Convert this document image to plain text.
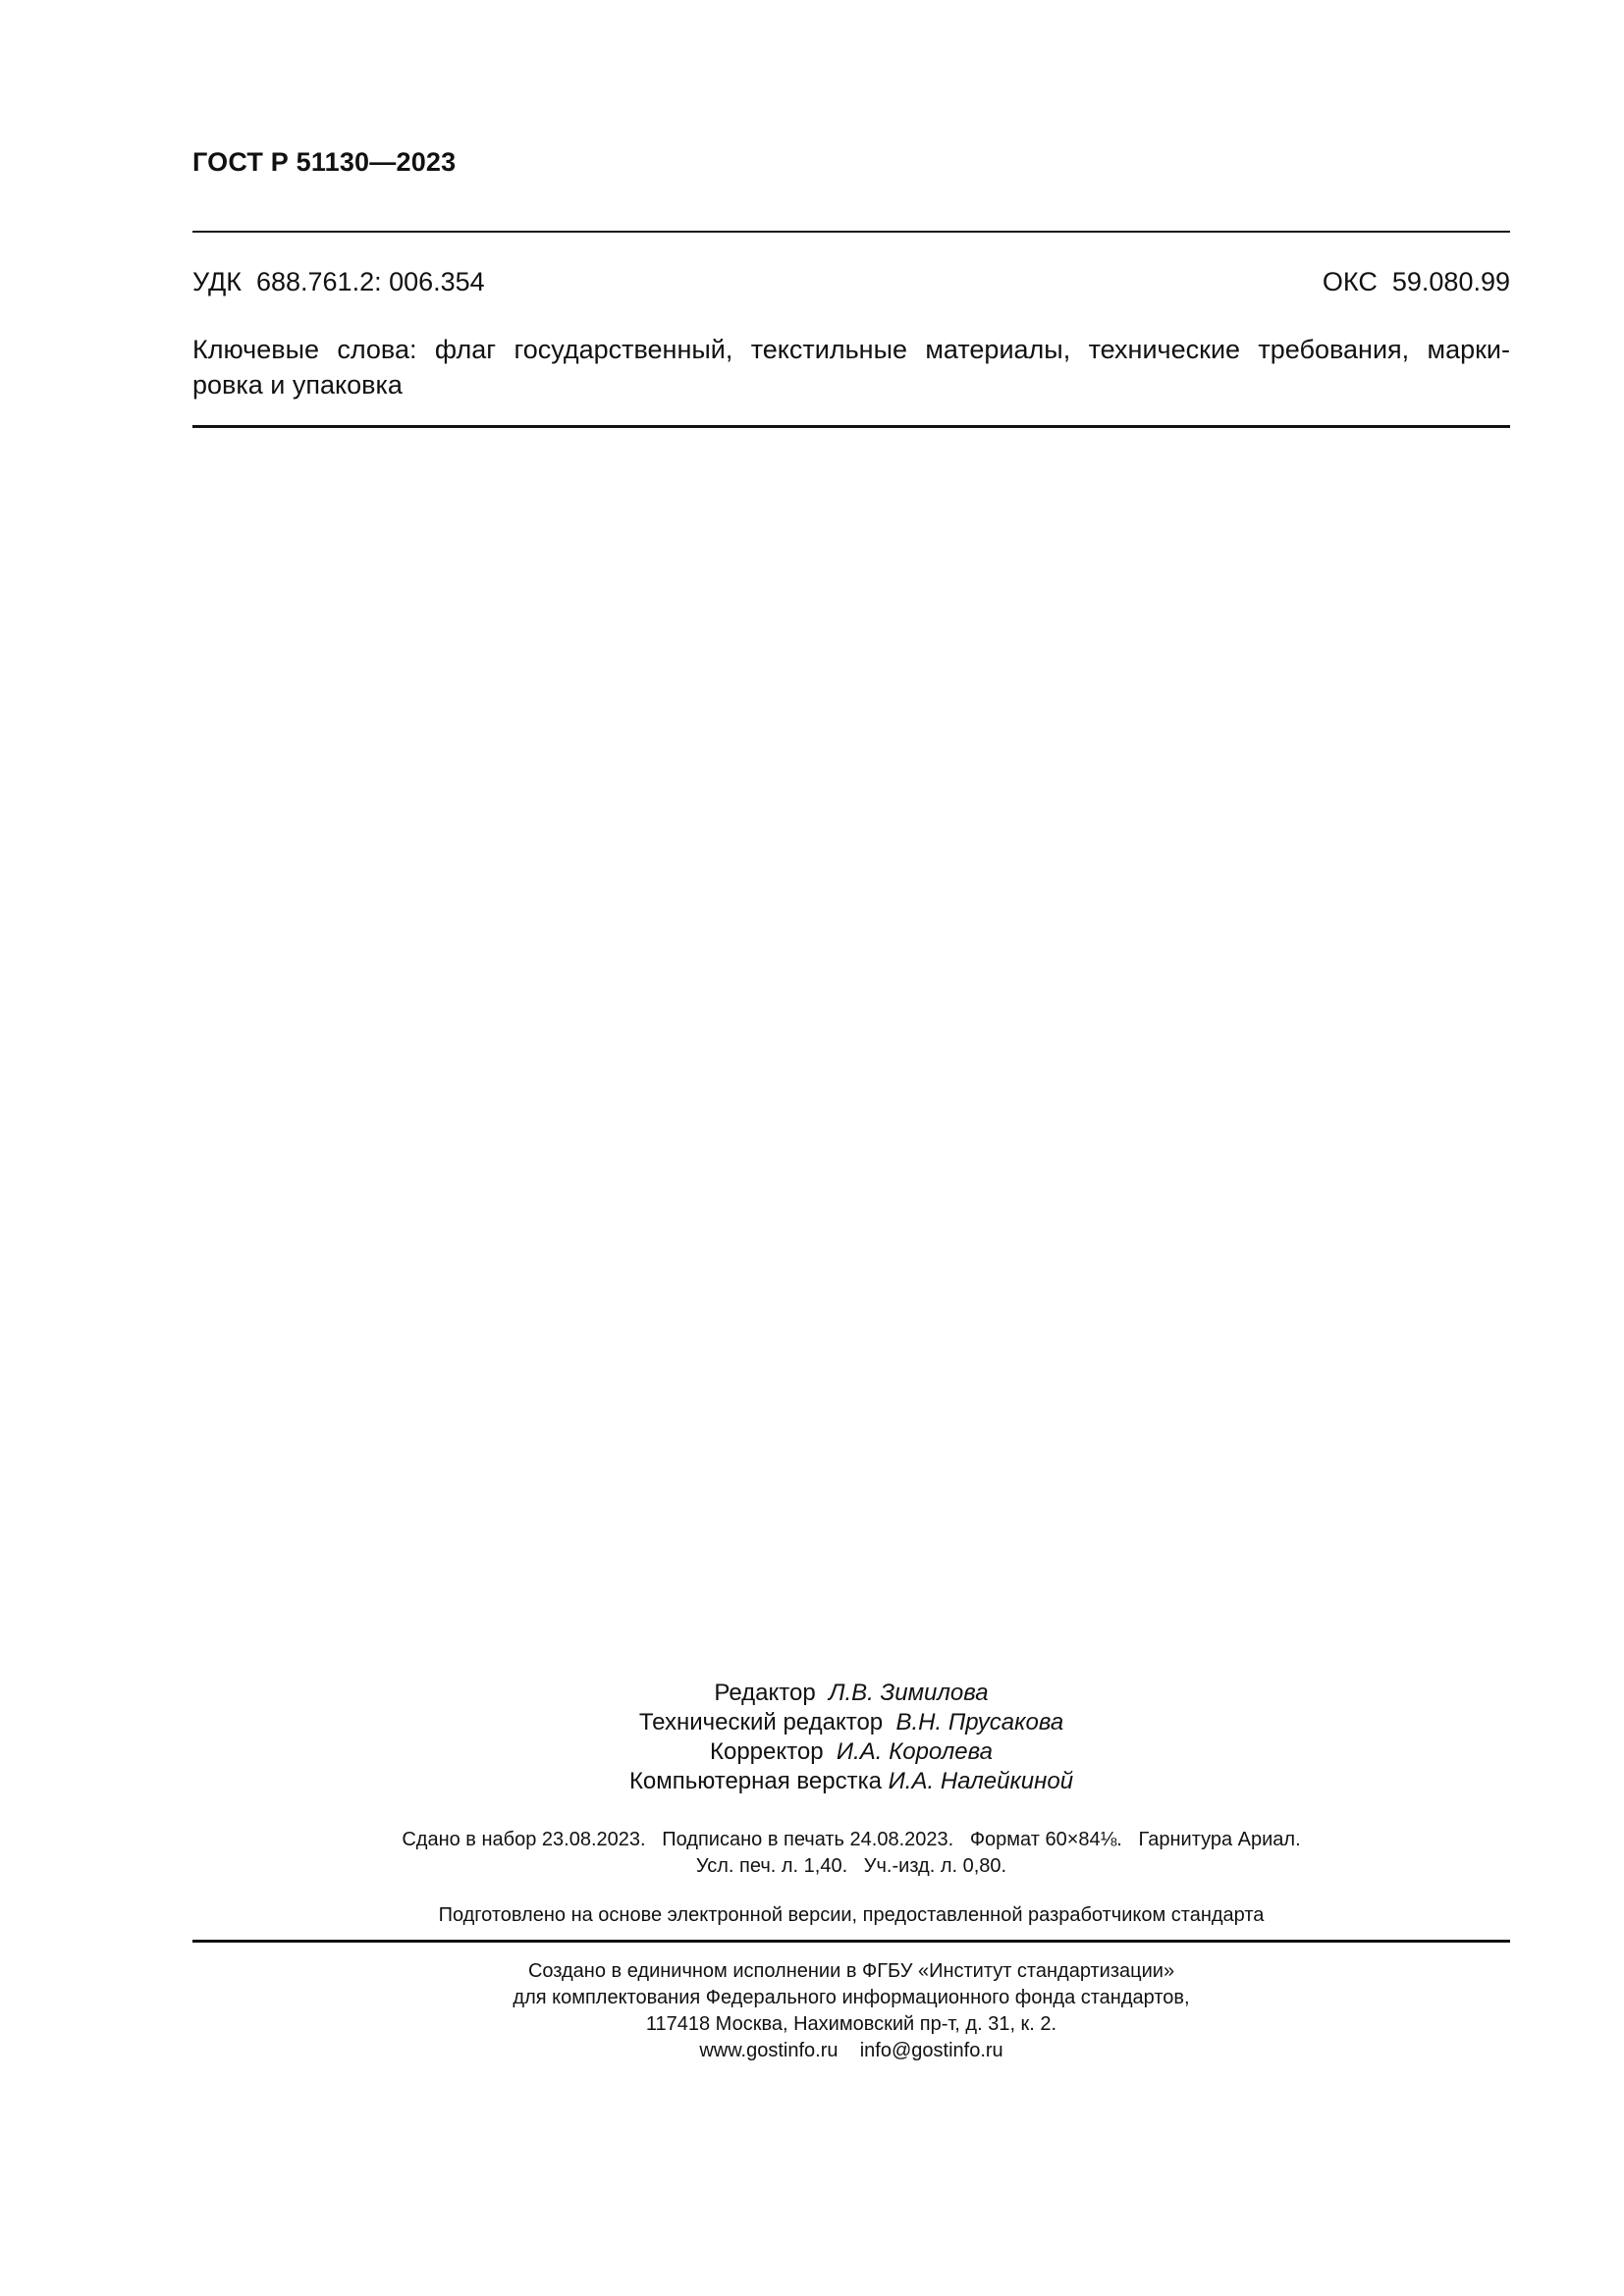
ГОСТ Р 51130—2023
УДК 688.761.2: 006.354	ОКС 59.080.99
Ключевые слова: флаг государственный, текстильные материалы, технические требования, марки-
ровка и упаковка
Редактор Л.В. Зимилова
Технический редактор В.Н. Прусакова
Корректор И.А. Королева
Компьютерная верстка И.А. Налейкиной
Сдано в набор 23.08.2023.   Подписано в печать 24.08.2023.   Формат 60×84⅛.   Гарнитура Ариал.
Усл. печ. л. 1,40.   Уч.-изд. л. 0,80.
Подготовлено на основе электронной версии, предоставленной разработчиком стандарта
Создано в единичном исполнении в ФГБУ «Институт стандартизации»
для комплектования Федерального информационного фонда стандартов,
117418 Москва, Нахимовский пр-т, д. 31, к. 2.
www.gostinfo.ru info@gostinfo.ru
